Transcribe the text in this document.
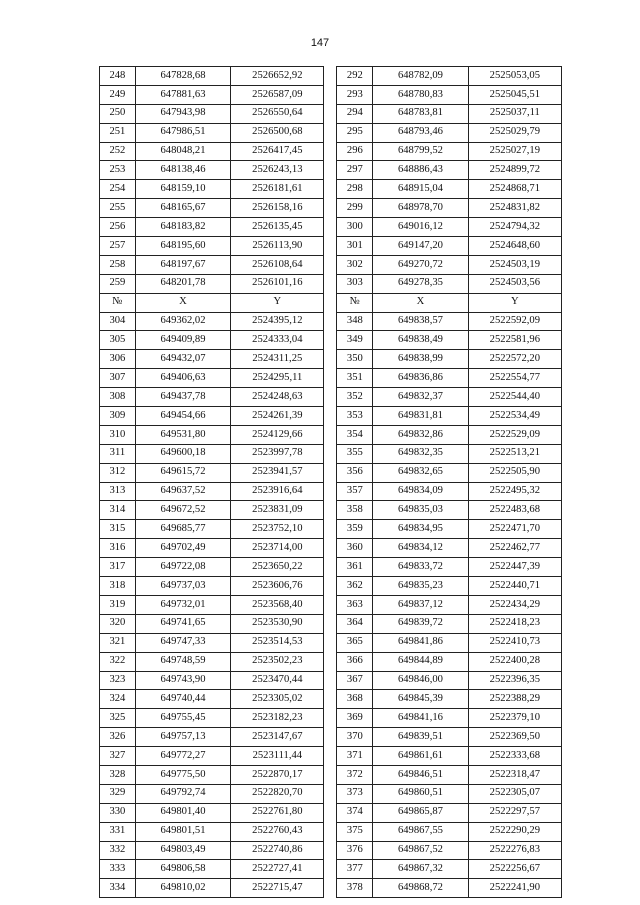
147
248	647828,68	2526652,92		292	648782,09	2525053,05
249	647881,63	2526587,09		293	648780,83	2525045,51
250	647943,98	2526550,64		294	648783,81	2525037,11
251	647986,51	2526500,68		295	648793,46	2525029,79
252	648048,21	2526417,45		296	648799,52	2525027,19
253	648138,46	2526243,13		297	648886,43	2524899,72
254	648159,10	2526181,61		298	648915,04	2524868,71
255	648165,67	2526158,16		299	648978,70	2524831,82
256	648183,82	2526135,45		300	649016,12	2524794,32
257	648195,60	2526113,90		301	649147,20	2524648,60
258	648197,67	2526108,64		302	649270,72	2524503,19
259	648201,78	2526101,16		303	649278,35	2524503,56
№	X	Y		№	X	Y
304	649362,02	2524395,12		348	649838,57	2522592,09
305	649409,89	2524333,04		349	649838,49	2522581,96
306	649432,07	2524311,25		350	649838,99	2522572,20
307	649406,63	2524295,11		351	649836,86	2522554,77
308	649437,78	2524248,63		352	649832,37	2522544,40
309	649454,66	2524261,39		353	649831,81	2522534,49
310	649531,80	2524129,66		354	649832,86	2522529,09
311	649600,18	2523997,78		355	649832,35	2522513,21
312	649615,72	2523941,57		356	649832,65	2522505,90
313	649637,52	2523916,64		357	649834,09	2522495,32
314	649672,52	2523831,09		358	649835,03	2522483,68
315	649685,77	2523752,10		359	649834,95	2522471,70
316	649702,49	2523714,00		360	649834,12	2522462,77
317	649722,08	2523650,22		361	649833,72	2522447,39
318	649737,03	2523606,76		362	649835,23	2522440,71
319	649732,01	2523568,40		363	649837,12	2522434,29
320	649741,65	2523530,90		364	649839,72	2522418,23
321	649747,33	2523514,53		365	649841,86	2522410,73
322	649748,59	2523502,23		366	649844,89	2522400,28
323	649743,90	2523470,44		367	649846,00	2522396,35
324	649740,44	2523305,02		368	649845,39	2522388,29
325	649755,45	2523182,23		369	649841,16	2522379,10
326	649757,13	2523147,67		370	649839,51	2522369,50
327	649772,27	2523111,44		371	649861,61	2522333,68
328	649775,50	2522870,17		372	649846,51	2522318,47
329	649792,74	2522820,70		373	649860,51	2522305,07
330	649801,40	2522761,80		374	649865,87	2522297,57
331	649801,51	2522760,43		375	649867,55	2522290,29
332	649803,49	2522740,86		376	649867,52	2522276,83
333	649806,58	2522727,41		377	649867,32	2522256,67
334	649810,02	2522715,47		378	649868,72	2522241,90
